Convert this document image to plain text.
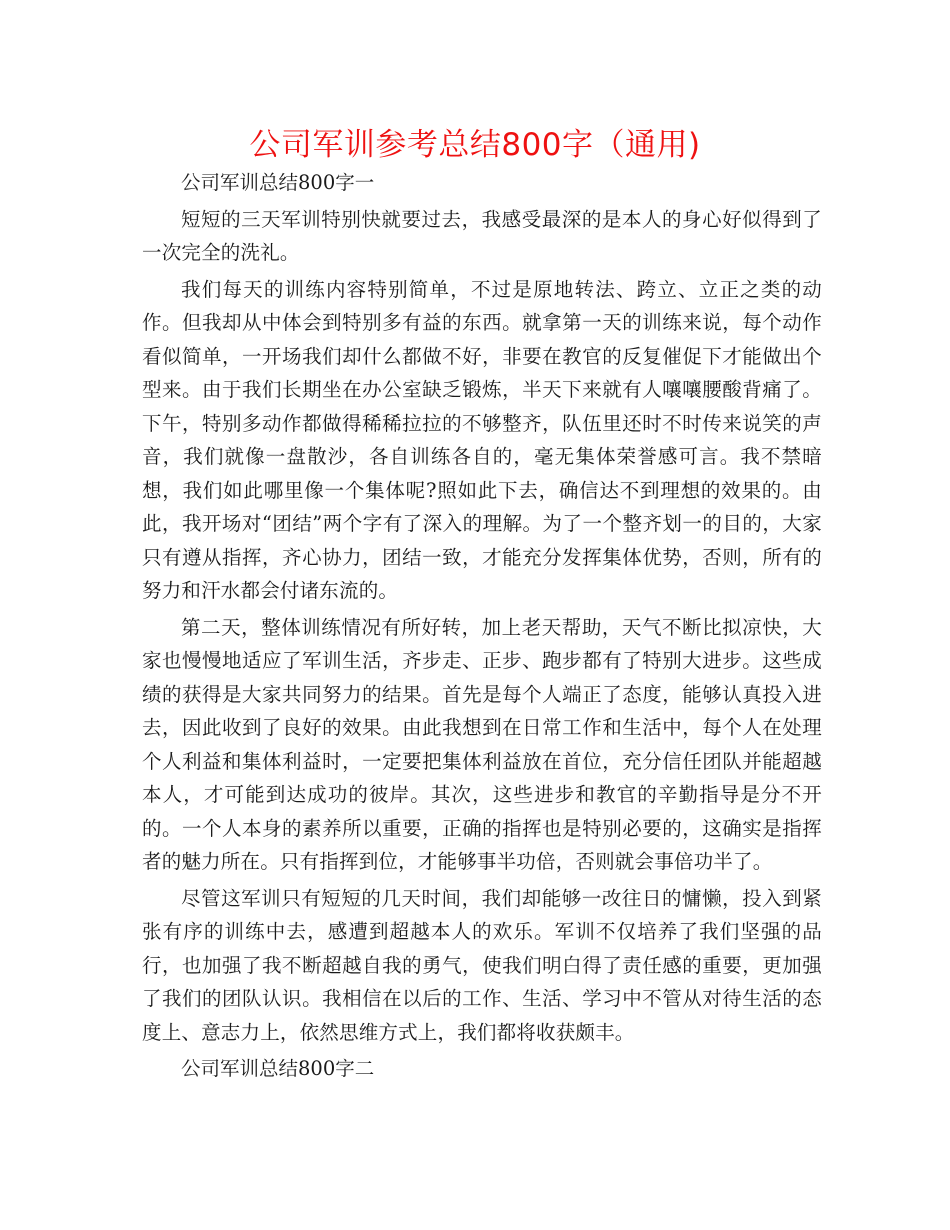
公司军训参考总结800字（通用)

公司军训总结800字一

短短的三天军训特别快就要过去，我感受最深的是本人的身心好似得到了一次完全的洗礼。

我们每天的训练内容特别简单，不过是原地转法、跨立、立正之类的动作。但我却从中体会到特别多有益的东西。就拿第一天的训练来说，每个动作看似简单，一开场我们却什么都做不好，非要在教官的反复催促下才能做出个型来。由于我们长期坐在办公室缺乏锻炼，半天下来就有人嚷嚷腰酸背痛了。下午，特别多动作都做得稀稀拉拉的不够整齐，队伍里还时不时传来说笑的声音，我们就像一盘散沙，各自训练各自的，毫无集体荣誉感可言。我不禁暗想，我们如此哪里像一个集体呢?照如此下去，确信达不到理想的效果的。由此，我开场对“团结”两个字有了深入的理解。为了一个整齐划一的目的，大家只有遵从指挥，齐心协力，团结一致，才能充分发挥集体优势，否则，所有的努力和汗水都会付诸东流的。

第二天，整体训练情况有所好转，加上老天帮助，天气不断比拟凉快，大家也慢慢地适应了军训生活，齐步走、正步、跑步都有了特别大进步。这些成绩的获得是大家共同努力的结果。首先是每个人端正了态度，能够认真投入进去，因此收到了良好的效果。由此我想到在日常工作和生活中，每个人在处理个人利益和集体利益时，一定要把集体利益放在首位，充分信任团队并能超越本人，才可能到达成功的彼岸。其次，这些进步和教官的辛勤指导是分不开的。一个人本身的素养所以重要，正确的指挥也是特别必要的，这确实是指挥者的魅力所在。只有指挥到位，才能够事半功倍，否则就会事倍功半了。

尽管这军训只有短短的几天时间，我们却能够一改往日的慵懒，投入到紧张有序的训练中去，感遭到超越本人的欢乐。军训不仅培养了我们坚强的品行，也加强了我不断超越自我的勇气，使我们明白得了责任感的重要，更加强了我们的团队认识。我相信在以后的工作、生活、学习中不管从对待生活的态度上、意志力上，依然思维方式上，我们都将收获颇丰。

公司军训总结800字二
